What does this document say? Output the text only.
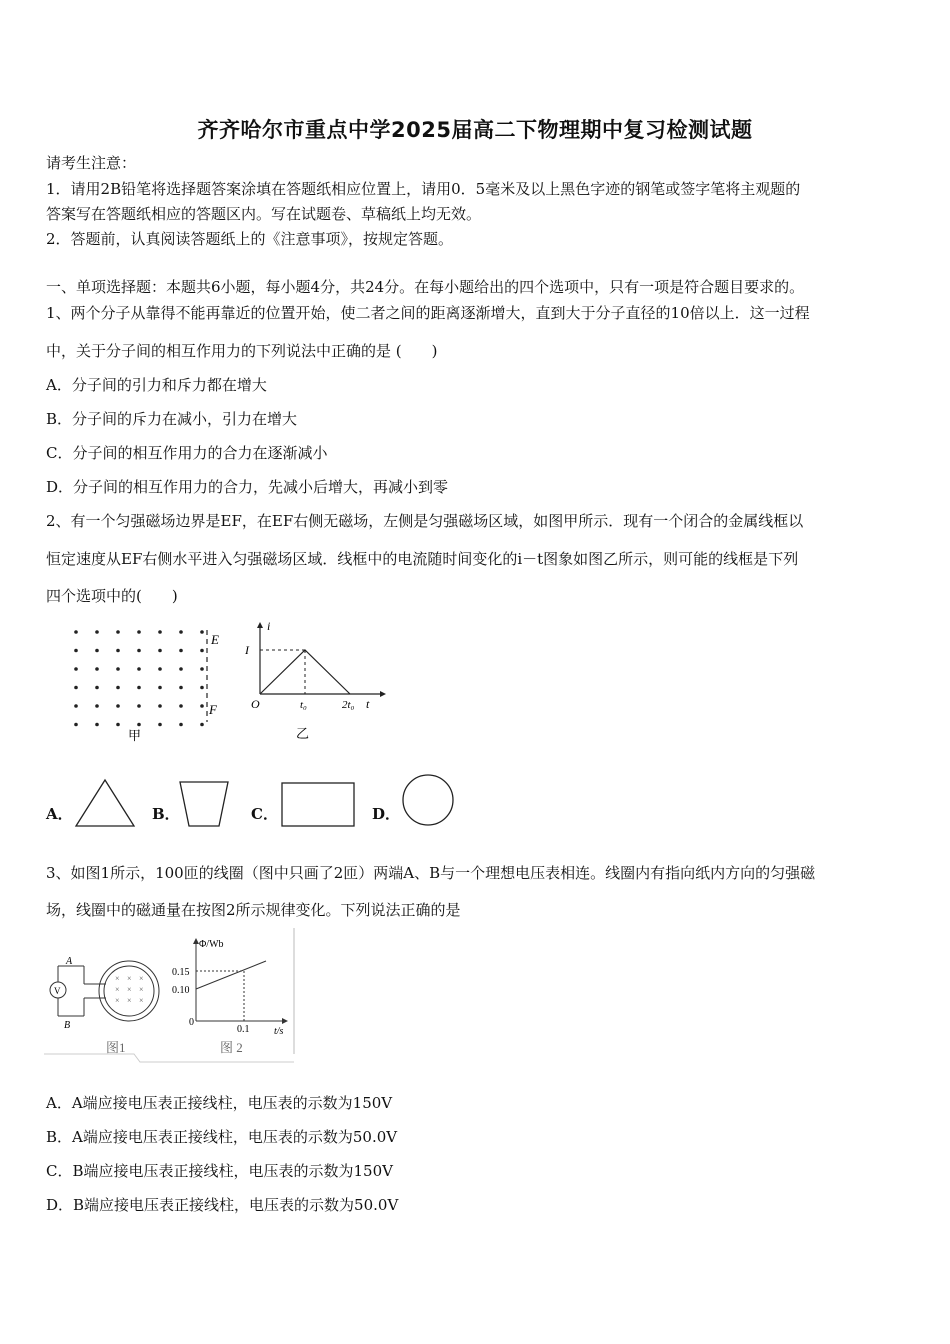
齐齐哈尔市重点中学2025届高二下物理期中复习检测试题
请考生注意：
1．请用2B铅笔将选择题答案涂填在答题纸相应位置上，请用0．5毫米及以上黑色字迹的钢笔或签字笔将主观题的
答案写在答题纸相应的答题区内。写在试题卷、草稿纸上均无效。
2．答题前，认真阅读答题纸上的《注意事项》，按规定答题。
一、单项选择题：本题共6小题，每小题4分，共24分。在每小题给出的四个选项中，只有一项是符合题目要求的。
1、两个分子从靠得不能再靠近的位置开始，使二者之间的距离逐渐增大，直到大于分子直径的10倍以上．这一过程
中，关于分子间的相互作用力的下列说法中正确的是 (　　)
A．分子间的引力和斥力都在增大
B．分子间的斥力在减小，引力在增大
C．分子间的相互作用力的合力在逐渐减小
D．分子间的相互作用力的合力，先减小后增大，再减小到零
2、有一个匀强磁场边界是EF，在EF右侧无磁场，左侧是匀强磁场区域，如图甲所示．现有一个闭合的金属线框以
恒定速度从EF右侧水平进入匀强磁场区域．线框中的电流随时间变化的i－t图象如图乙所示，则可能的线框是下列
四个选项中的(　　)
E
F
甲
i
I
O	t₀	2t₀ t
乙
A．	B．	C．	D．
3、如图1所示，100匝的线圈（图中只画了2匝）两端A、B与一个理想电压表相连。线圈内有指向纸内方向的匀强磁
场，线圈中的磁通量在按图2所示规律变化。下列说法正确的是
× × ×
× × ×
× × ×
V
A
B
图1
Φ/Wb
0.15
0.10
0
0.1 t/s
图 2
A．A端应接电压表正接线柱，电压表的示数为150V
B．A端应接电压表正接线柱，电压表的示数为50.0V
C．B端应接电压表正接线柱，电压表的示数为150V
D．B端应接电压表正接线柱，电压表的示数为50.0V
